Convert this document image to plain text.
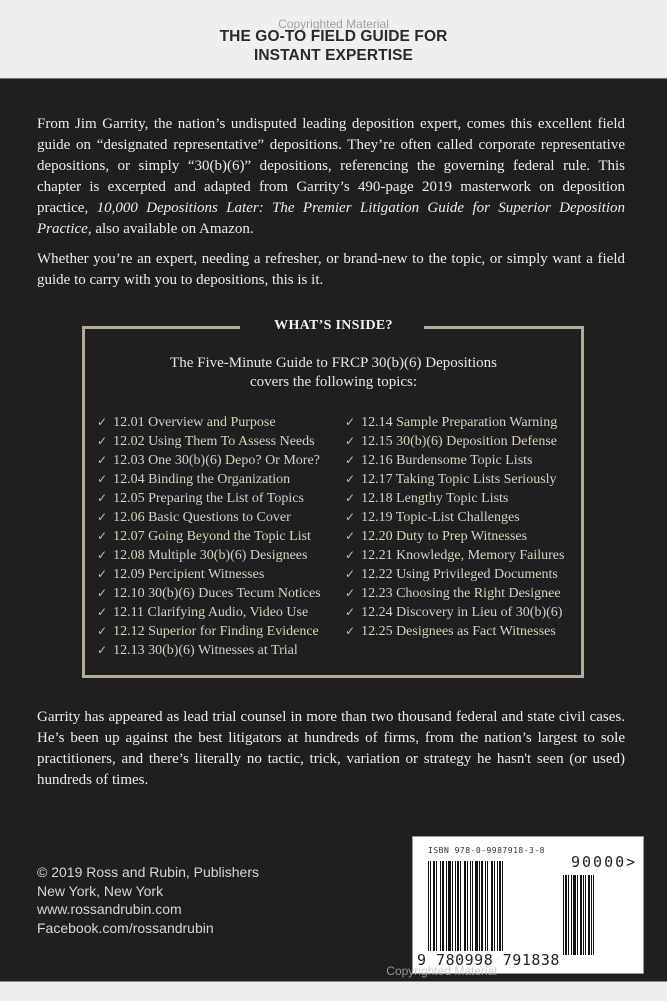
Copyrighted Material
THE GO-TO FIELD GUIDE FOR
INSTANT EXPERTISE
From Jim Garrity, the nation’s undisputed leading deposition expert, comes this excellent field guide on “designated representative” depositions. They’re often called corporate representative depositions, or simply “30(b)(6)” depositions, referencing the governing federal rule. This chapter is excerpted and adapted from Garrity’s 490-page 2019 masterwork on deposition practice, 10,000 Depositions Later: The Premier Litigation Guide for Superior Deposition Practice, also available on Amazon.
Whether you’re an expert, needing a refresher, or brand-new to the topic, or simply want a field guide to carry with you to depositions, this is it.
WHAT’S INSIDE?
The Five-Minute Guide to FRCP 30(b)(6) Depositions
covers the following topics:
✓ 12.01 Overview and Purpose
✓ 12.02 Using Them To Assess Needs
✓ 12.03 One 30(b)(6) Depo? Or More?
✓ 12.04 Binding the Organization
✓ 12.05 Preparing the List of Topics
✓ 12.06 Basic Questions to Cover
✓ 12.07 Going Beyond the Topic List
✓ 12.08 Multiple 30(b)(6) Designees
✓ 12.09 Percipient Witnesses
✓ 12.10 30(b)(6) Duces Tecum Notices
✓ 12.11 Clarifying Audio, Video Use
✓ 12.12 Superior for Finding Evidence
✓ 12.13 30(b)(6) Witnesses at Trial
✓ 12.14 Sample Preparation Warning
✓ 12.15 30(b)(6) Deposition Defense
✓ 12.16 Burdensome Topic Lists
✓ 12.17 Taking Topic Lists Seriously
✓ 12.18 Lengthy Topic Lists
✓ 12.19 Topic-List Challenges
✓ 12.20 Duty to Prep Witnesses
✓ 12.21 Knowledge, Memory Failures
✓ 12.22 Using Privileged Documents
✓ 12.23 Choosing the Right Designee
✓ 12.24 Discovery in Lieu of 30(b)(6)
✓ 12.25 Designees as Fact Witnesses
Garrity has appeared as lead trial counsel in more than two thousand federal and state civil cases. He’s been up against the best litigators at hundreds of firms, from the nation’s largest to sole practitioners, and there’s literally no tactic, trick, variation or strategy he hasn't seen (or used) hundreds of times.
© 2019 Ross and Rubin, Publishers
New York, New York
www.rossandrubin.com
Facebook.com/rossandrubin
ISBN 978-0-9987918-3-8
90000>
9 780998 791838
Copyrighted Material
